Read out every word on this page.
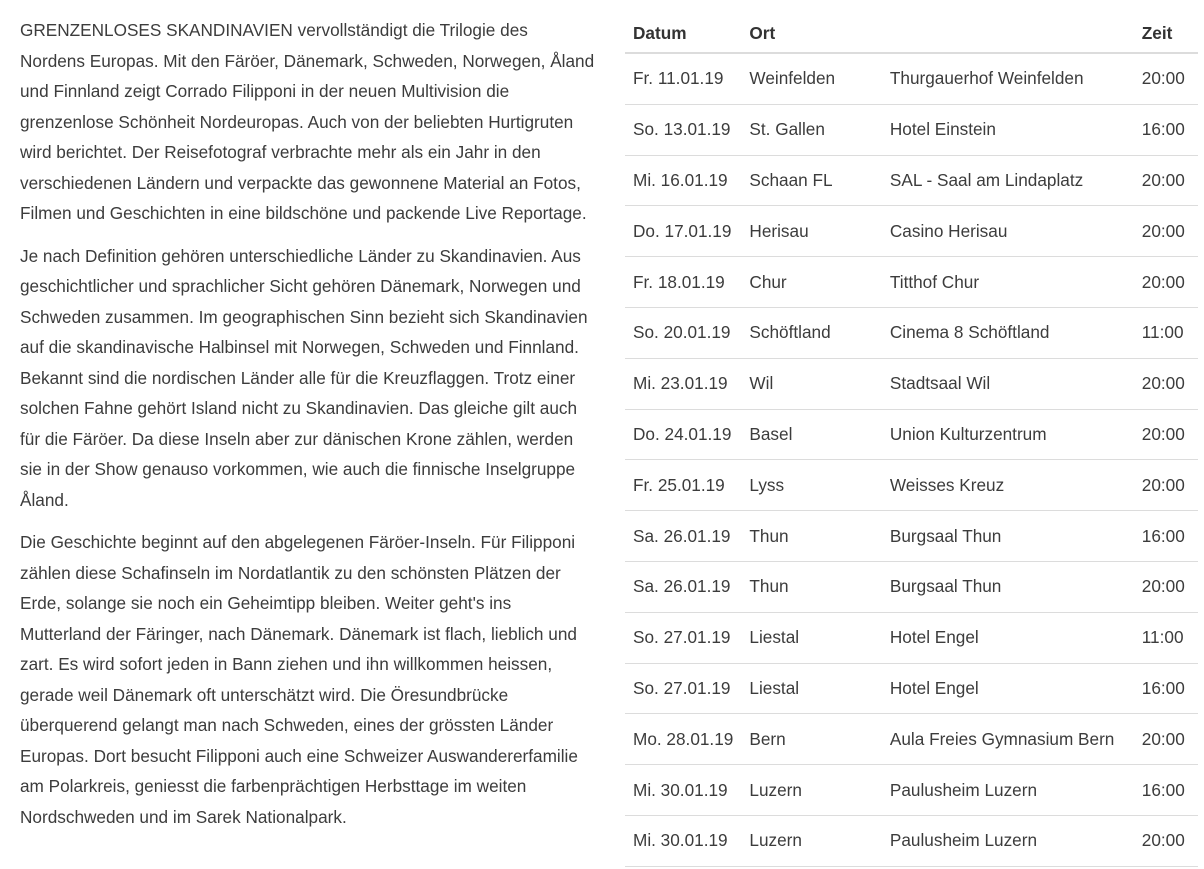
GRENZENLOSES SKANDINAVIEN vervollständigt die Trilogie des Nordens Europas. Mit den Färöer, Dänemark, Schweden, Norwegen, Åland und Finnland zeigt Corrado Filipponi in der neuen Multivision die grenzenlose Schönheit Nordeuropas. Auch von der beliebten Hurtigruten wird berichtet. Der Reisefotograf verbrachte mehr als ein Jahr in den verschiedenen Ländern und verpackte das gewonnene Material an Fotos, Filmen und Geschichten in eine bildschöne und packende Live Reportage.

Je nach Definition gehören unterschiedliche Länder zu Skandinavien. Aus geschichtlicher und sprachlicher Sicht gehören Dänemark, Norwegen und Schweden zusammen. Im geographischen Sinn bezieht sich Skandinavien auf die skandinavische Halbinsel mit Norwegen, Schweden und Finnland. Bekannt sind die nordischen Länder alle für die Kreuzflaggen. Trotz einer solchen Fahne gehört Island nicht zu Skandinavien. Das gleiche gilt auch für die Färöer. Da diese Inseln aber zur dänischen Krone zählen, werden sie in der Show genauso vorkommen, wie auch die finnische Inselgruppe Åland.

Die Geschichte beginnt auf den abgelegenen Färöer-Inseln. Für Filipponi zählen diese Schafinseln im Nordatlantik zu den schönsten Plätzen der Erde, solange sie noch ein Geheimtipp bleiben. Weiter geht's ins Mutterland der Färinger, nach Dänemark. Dänemark ist flach, lieblich und zart. Es wird sofort jeden in Bann ziehen und ihn willkommen heissen, gerade weil Dänemark oft unterschätzt wird. Die Öresundbrücke überquerend gelangt man nach Schweden, eines der grössten Länder Europas. Dort besucht Filipponi auch eine Schweizer Auswandererfamilie am Polarkreis, geniesst die farbenprächtigen Herbsttage im weiten Nordschweden und im Sarek Nationalpark.

Datum	Ort		Zeit
Fr. 11.01.19	Weinfelden	Thurgauerhof Weinfelden	20:00
So. 13.01.19	St. Gallen	Hotel Einstein	16:00
Mi. 16.01.19	Schaan FL	SAL - Saal am Lindaplatz	20:00
Do. 17.01.19	Herisau	Casino Herisau	20:00
Fr. 18.01.19	Chur	Titthof Chur	20:00
So. 20.01.19	Schöftland	Cinema 8 Schöftland	11:00
Mi. 23.01.19	Wil	Stadtsaal Wil	20:00
Do. 24.01.19	Basel	Union Kulturzentrum	20:00
Fr. 25.01.19	Lyss	Weisses Kreuz	20:00
Sa. 26.01.19	Thun	Burgsaal Thun	16:00
Sa. 26.01.19	Thun	Burgsaal Thun	20:00
So. 27.01.19	Liestal	Hotel Engel	11:00
So. 27.01.19	Liestal	Hotel Engel	16:00
Mo. 28.01.19	Bern	Aula Freies Gymnasium Bern	20:00
Mi. 30.01.19	Luzern	Paulusheim Luzern	16:00
Mi. 30.01.19	Luzern	Paulusheim Luzern	20:00
